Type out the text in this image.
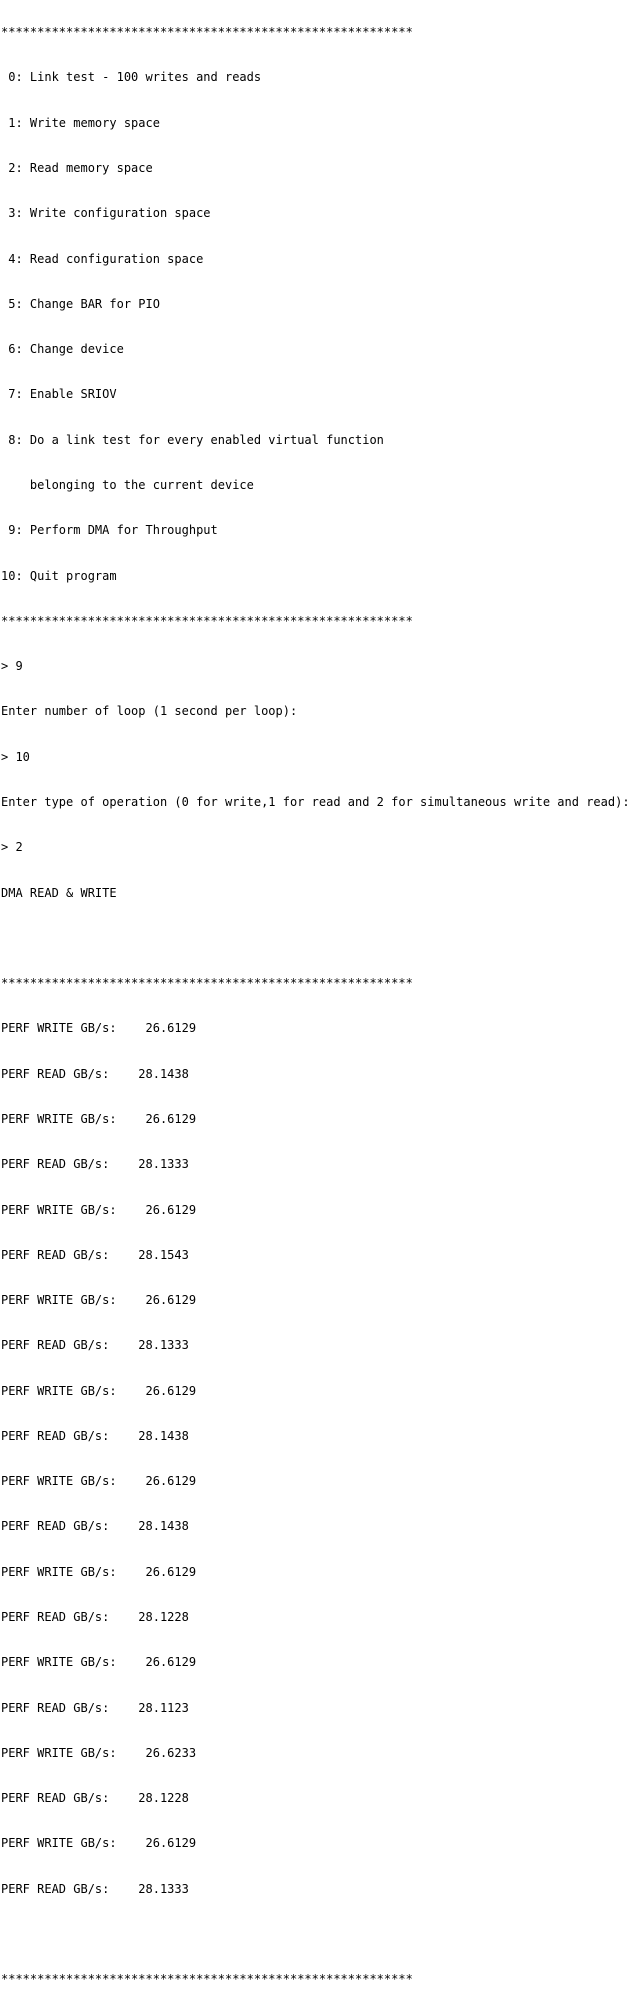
*********************************************************

0: Link test - 100 writes and reads

1: Write memory space

2: Read memory space

3: Write configuration space

4: Read configuration space

5: Change BAR for PIO

6: Change device

7: Enable SRIOV

8: Do a link test for every enabled virtual function

belonging to the current device

9: Perform DMA for Throughput

10: Quit program

*********************************************************

> 9

Enter number of loop (1 second per loop):

> 10

Enter type of operation (0 for write,1 for read and 2 for simultaneous write and read):

> 2

DMA READ & WRITE

*********************************************************

PERF WRITE GB/s:    26.6129

PERF READ GB/s:    28.1438

PERF WRITE GB/s:    26.6129

PERF READ GB/s:    28.1333

PERF WRITE GB/s:    26.6129

PERF READ GB/s:    28.1543

PERF WRITE GB/s:    26.6129

PERF READ GB/s:    28.1333

PERF WRITE GB/s:    26.6129

PERF READ GB/s:    28.1438

PERF WRITE GB/s:    26.6129

PERF READ GB/s:    28.1438

PERF WRITE GB/s:    26.6129

PERF READ GB/s:    28.1228

PERF WRITE GB/s:    26.6129

PERF READ GB/s:    28.1123

PERF WRITE GB/s:    26.6233

PERF READ GB/s:    28.1228

PERF WRITE GB/s:    26.6129

PERF READ GB/s:    28.1333

*********************************************************
